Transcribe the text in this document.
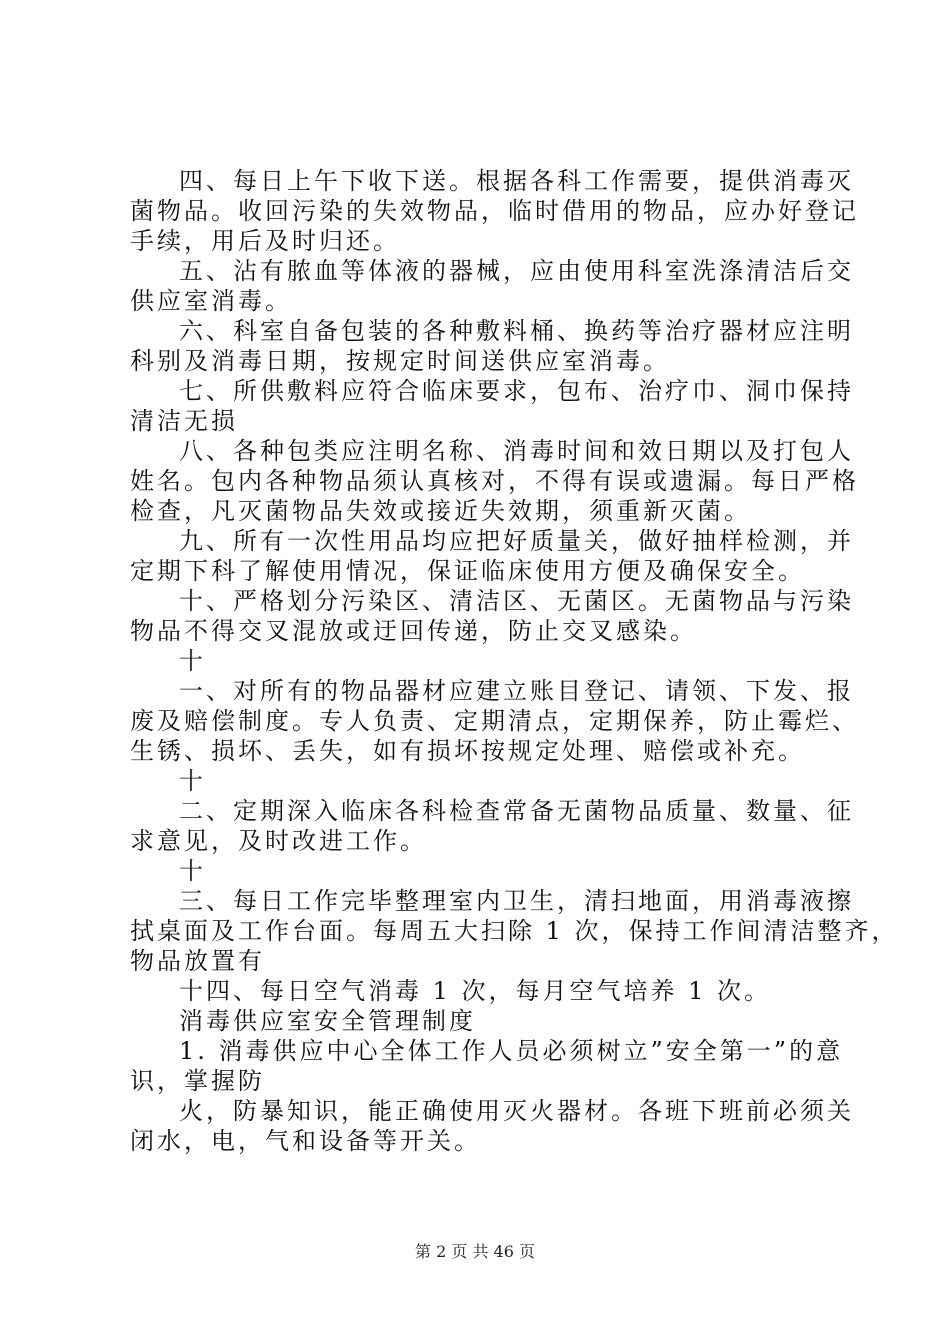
四、每日上午下收下送。根据各科工作需要，提供消毒灭
菌物品。收回污染的失效物品，临时借用的物品，应办好登记
手续，用后及时归还。
五、沾有脓血等体液的器械，应由使用科室洗涤清洁后交
供应室消毒。
六、科室自备包装的各种敷料桶、换药等治疗器材应注明
科别及消毒日期，按规定时间送供应室消毒。
七、所供敷料应符合临床要求，包布、治疗巾、洞巾保持
清洁无损
八、各种包类应注明名称、消毒时间和效日期以及打包人
姓名。包内各种物品须认真核对，不得有误或遗漏。每日严格
检查，凡灭菌物品失效或接近失效期，须重新灭菌。
九、所有一次性用品均应把好质量关，做好抽样检测，并
定期下科了解使用情况，保证临床使用方便及确保安全。
十、严格划分污染区、清洁区、无菌区。无菌物品与污染
物品不得交叉混放或迂回传递，防止交叉感染。
十
一、对所有的物品器材应建立账目登记、请领、下发、报
废及赔偿制度。专人负责、定期清点，定期保养，防止霉烂、
生锈、损坏、丢失，如有损坏按规定处理、赔偿或补充。
十
二、定期深入临床各科检查常备无菌物品质量、数量、征
求意见，及时改进工作。
十
三、每日工作完毕整理室内卫生，清扫地面，用消毒液擦
拭桌面及工作台面。每周五大扫除 1 次，保持工作间清洁整齐，
物品放置有
十四、每日空气消毒 1 次，每月空气培养 1 次。
消毒供应室安全管理制度
1. 消毒供应中心全体工作人员必须树立”安全第一”的意
识，掌握防
火，防暴知识，能正确使用灭火器材。各班下班前必须关
闭水，电，气和设备等开关。
第 2 页 共 46 页
